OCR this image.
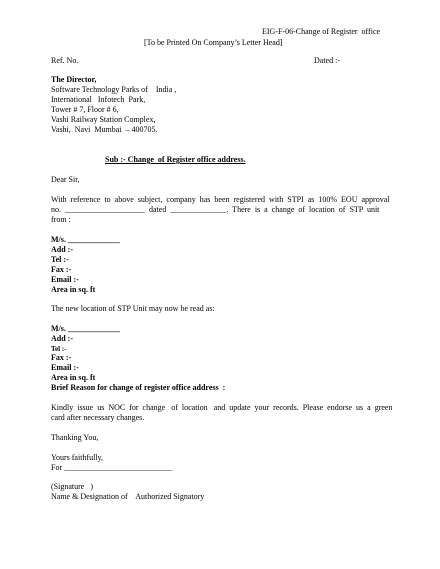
EIG-F-06-Change of Register  office
[To be Printed On Company’s Letter Head]
Ref. No.	Dated :-
The Director,
Software Technology Parks of    India ,
International   Infotech  Park,
Tower # 7, Floor # 6,
Vashi Railway Station Complex,
Vashi,  Navi  Mumbai  – 400705.
Sub :- Change  of Register office address.
Dear Sir,
With  reference  to  above  subject,  company  has  been  registered  with  STPI  as  100%  EOU  approval
no.  ____________________  dated  ______________.  There  is  a  change  of  location  of  STP  unit
from :
M/s. _____________
Add :-
Tel :-
Fax :-
Email :-
Area in sq. ft
The new location of STP Unit may now be read as:
M/s. _____________
Add :-
Tel :-
Fax :-
Email :-
Area in sq. ft
Brief Reason for change of register office address  :
Kindly  issue  us  NOC  for  change   of  location   and  update  your  records.  Please  endorse  us  a  green
card after necessary changes.
Thanking You,
Yours faithfully,
For ___________________________
(Signature   )
Name & Designation of    Authorized Signatory
